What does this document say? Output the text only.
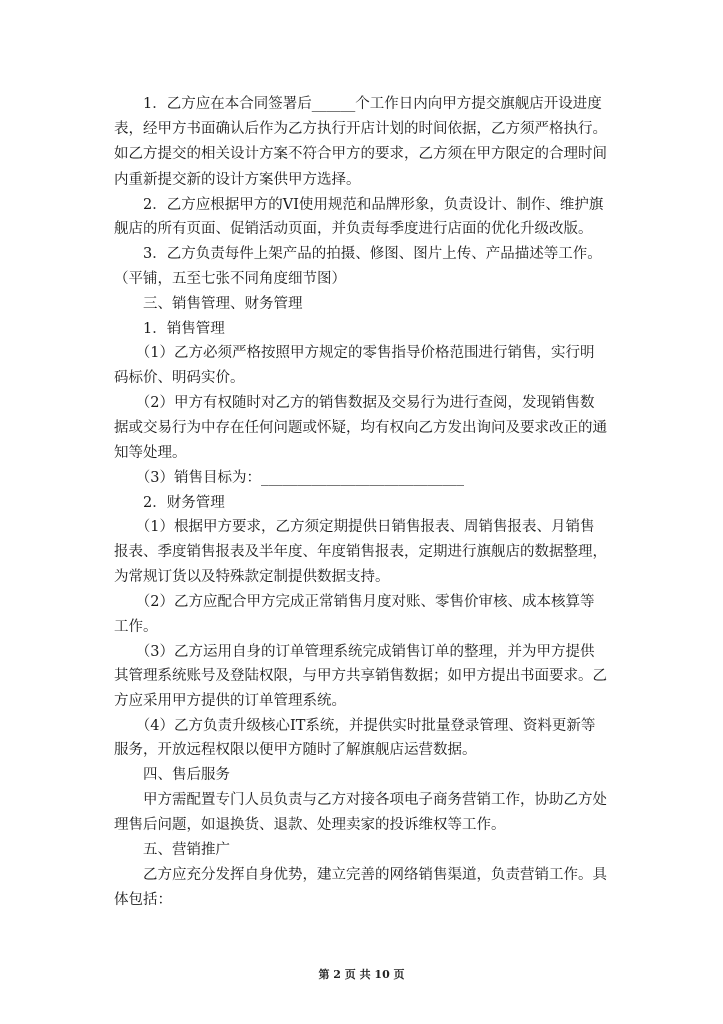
　　1．乙方应在本合同签署后______个工作日内向甲方提交旗舰店开设进度
表，经甲方书面确认后作为乙方执行开店计划的时间依据，乙方须严格执行。
如乙方提交的相关设计方案不符合甲方的要求，乙方须在甲方限定的合理时间
内重新提交新的设计方案供甲方选择。
　　2．乙方应根据甲方的VI使用规范和品牌形象，负责设计、制作、维护旗
舰店的所有页面、促销活动页面，并负责每季度进行店面的优化升级改版。
　　3．乙方负责每件上架产品的拍摄、修图、图片上传、产品描述等工作。
（平铺，五至七张不同角度细节图）
　　三、销售管理、财务管理
　　1．销售管理
　　（1）乙方必须严格按照甲方规定的零售指导价格范围进行销售，实行明
码标价、明码实价。
　　（2）甲方有权随时对乙方的销售数据及交易行为进行查阅，发现销售数
据或交易行为中存在任何问题或怀疑，均有权向乙方发出询问及要求改正的通
知等处理。
　　（3）销售目标为：____________________________
　　2．财务管理
　　（1）根据甲方要求，乙方须定期提供日销售报表、周销售报表、月销售
报表、季度销售报表及半年度、年度销售报表，定期进行旗舰店的数据整理，
为常规订货以及特殊款定制提供数据支持。
　　（2）乙方应配合甲方完成正常销售月度对账、零售价审核、成本核算等
工作。
　　（3）乙方运用自身的订单管理系统完成销售订单的整理，并为甲方提供
其管理系统账号及登陆权限，与甲方共享销售数据；如甲方提出书面要求。乙
方应采用甲方提供的订单管理系统。
　　（4）乙方负责升级核心IT系统，并提供实时批量登录管理、资料更新等
服务，开放远程权限以便甲方随时了解旗舰店运营数据。
　　四、售后服务
　　甲方需配置专门人员负责与乙方对接各项电子商务营销工作，协助乙方处
理售后问题，如退换货、退款、处理卖家的投诉维权等工作。
　　五、营销推广
　　乙方应充分发挥自身优势，建立完善的网络销售渠道，负责营销工作。具
体包括：
第 2 页 共 10 页
